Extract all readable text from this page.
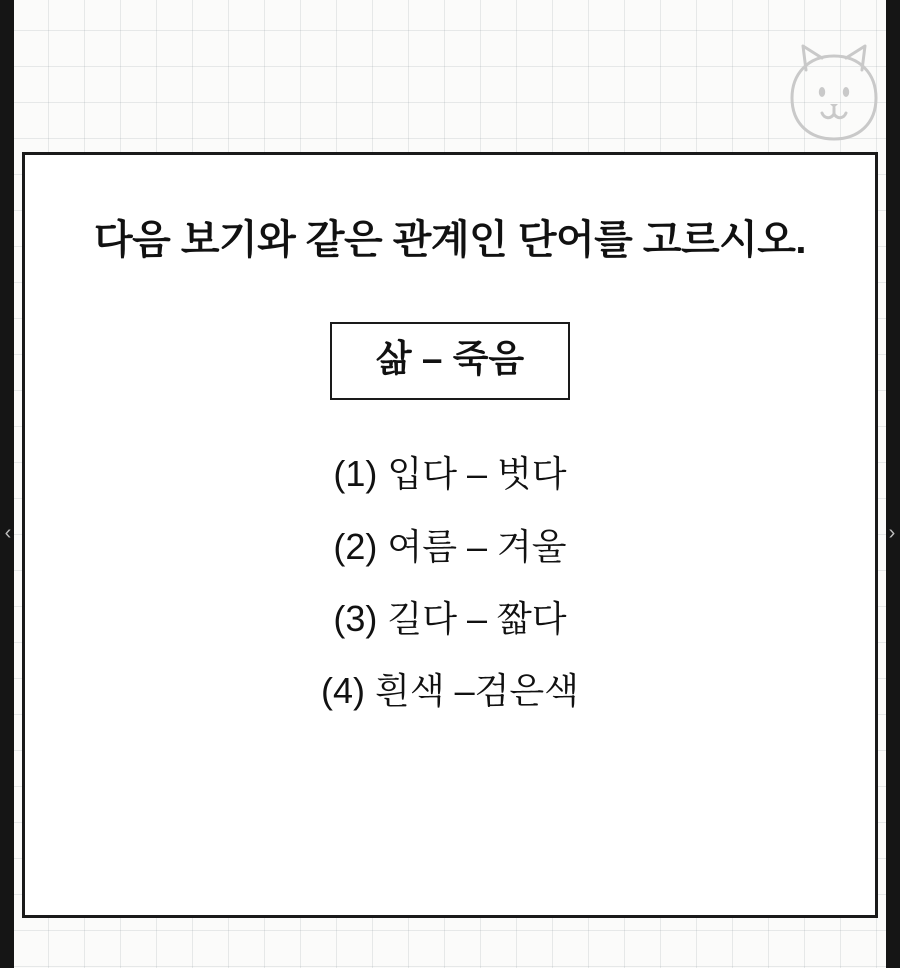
다음 보기와 같은 관계인 단어를 고르시오.
삶 – 죽음
(1) 입다 – 벗다
(2) 여름 – 겨울
(3) 길다 – 짧다
(4) 흰색 –검은색
‹	›
